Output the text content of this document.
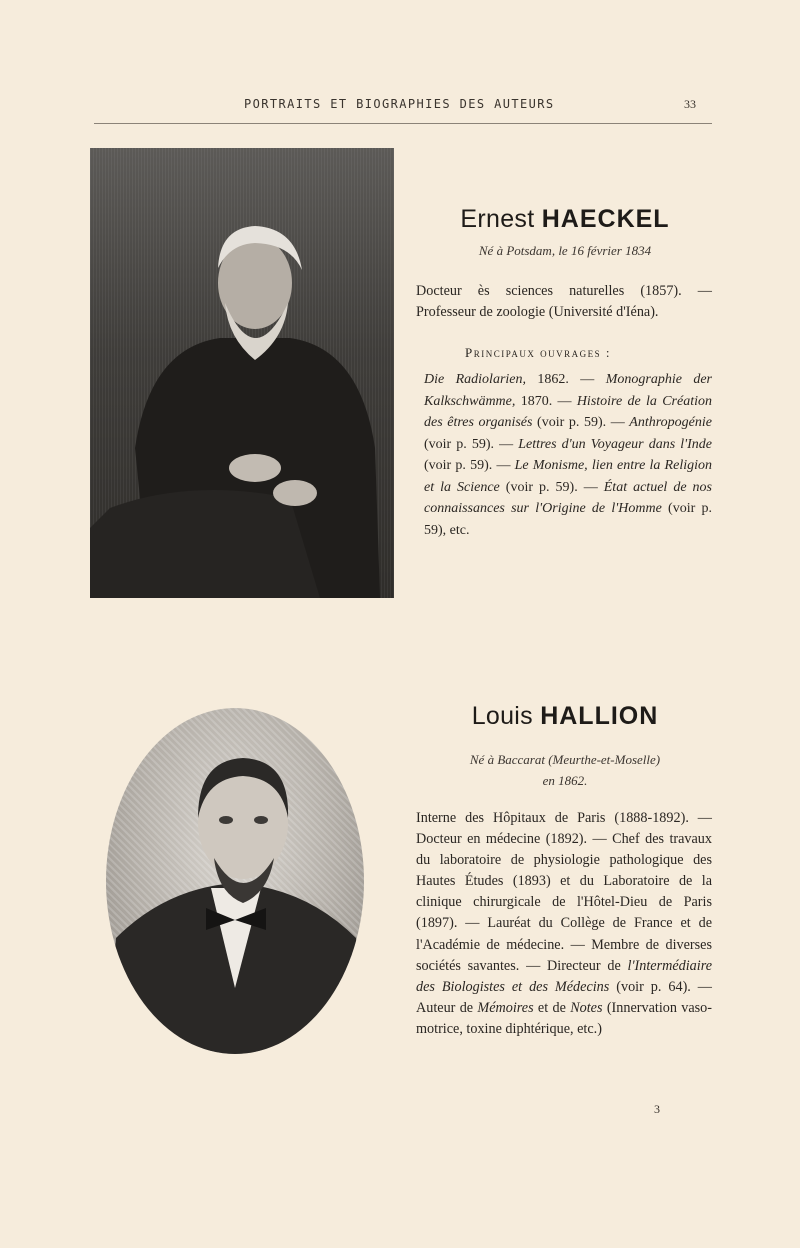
PORTRAITS ET BIOGRAPHIES DES AUTEURS	33
Ernest HAECKEL
Né à Potsdam, le 16 février 1834
Docteur ès sciences naturelles (1857). — Professeur de zoologie (Université d'Iéna).
Principaux ouvrages :
Die Radiolarien, 1862. — Monographie der Kalkschwämme, 1870. — Histoire de la Création des êtres organisés (voir p. 59). — Anthropogénie (voir p. 59). — Lettres d'un Voyageur dans l'Inde (voir p. 59). — Le Monisme, lien entre la Religion et la Science (voir p. 59). — État actuel de nos connaissances sur l'Origine de l'Homme (voir p. 59), etc.
Louis HALLION
Né à Baccarat (Meurthe-et-Moselle)
en 1862.
Interne des Hôpitaux de Paris (1888-1892). — Docteur en médecine (1892). — Chef des travaux du laboratoire de physiologie pathologique des Hautes Études (1893) et du Laboratoire de la clinique chirurgicale de l'Hôtel-Dieu de Paris (1897). — Lauréat du Collège de France et de l'Académie de médecine. — Membre de diverses sociétés savantes. — Directeur de l'Intermédiaire des Biologistes et des Médecins (voir p. 64). — Auteur de Mémoires et de Notes (Innervation vaso-motrice, toxine diphtérique, etc.)
3
